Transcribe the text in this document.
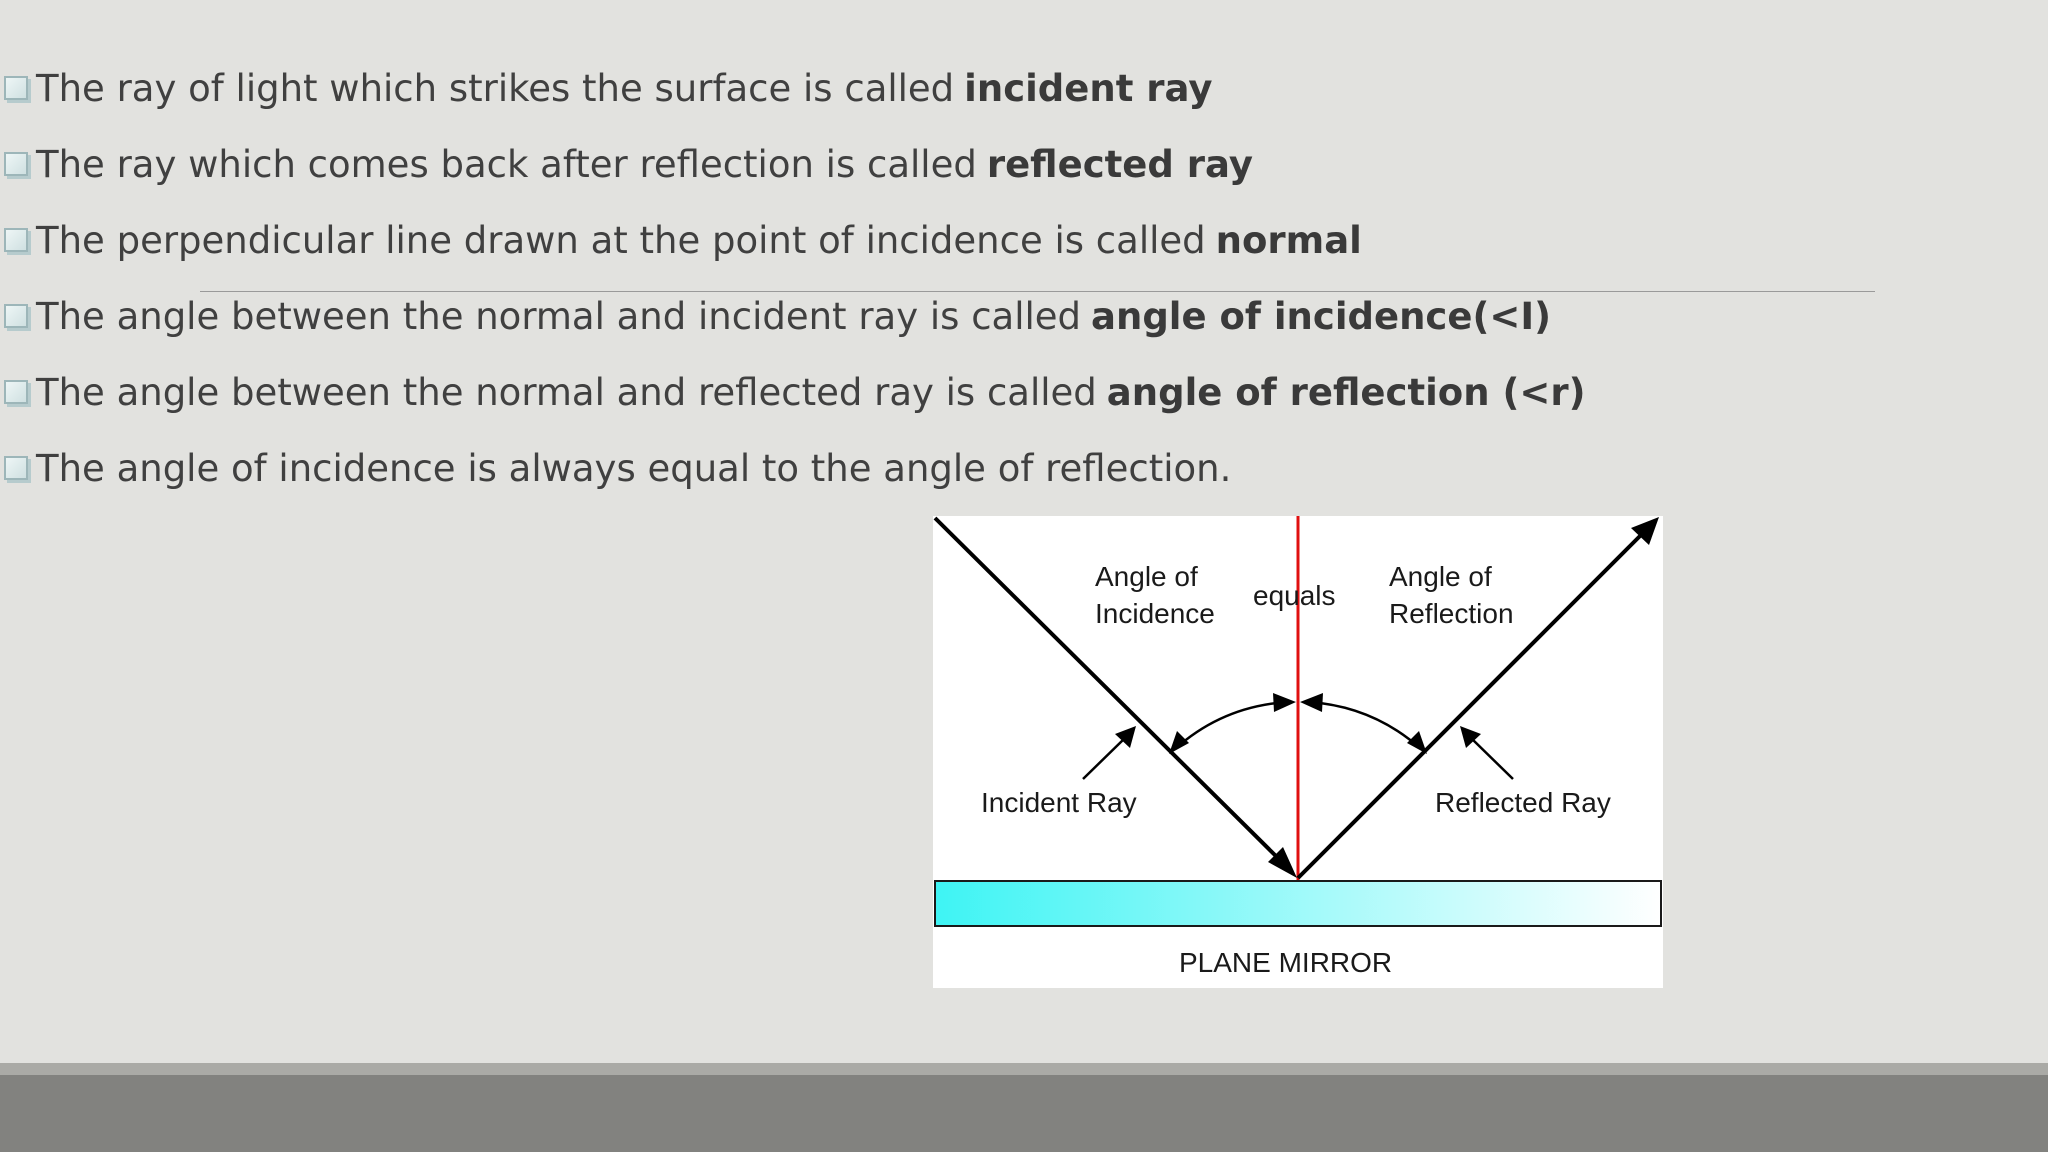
The ray of light which strikes the surface is called incident ray
The ray which comes back after reflection is called reflected ray
The perpendicular line drawn at the point of incidence is called normal
The angle between the normal and incident ray is called angle of incidence(<I)
The angle between the normal and reflected ray is called angle of reflection (<r)
The angle of incidence is always equal to the angle of reflection.
Angle of
Incidence
equals
Angle of
Reflection
Incident Ray	Reflected Ray
PLANE MIRROR
